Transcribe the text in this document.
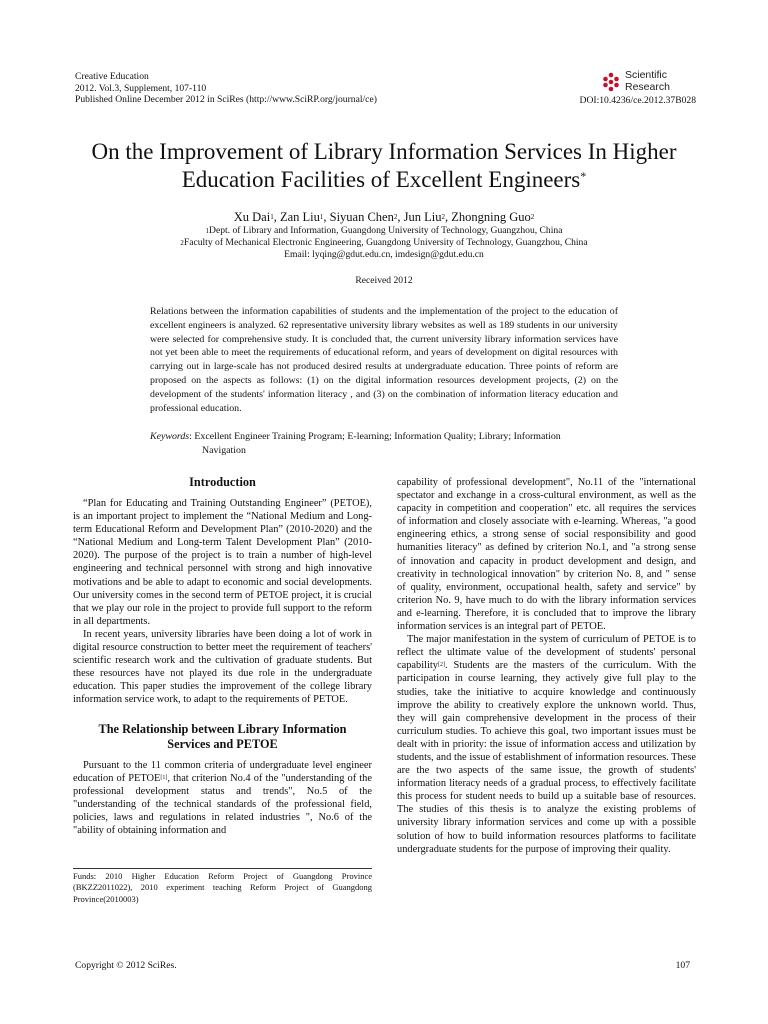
Creative Education
2012. Vol.3, Supplement, 107-110
Published Online December 2012 in SciRes (http://www.SciRP.org/journal/ce)
Scientific
Research
DOI:10.4236/ce.2012.37B028
On the Improvement of Library Information Services In Higher
Education Facilities of Excellent Engineers*
Xu Dai$^1$, Zan Liu$^1$, Siyuan Chen$^2$, Jun Liu$^2$, Zhongning Guo$^2$
$^1$Dept. of Library and Information, Guangdong University of Technology, Guangzhou, China
$^2$Faculty of Mechanical Electronic Engineering, Guangdong University of Technology, Guangzhou, China
Email: lyqing@gdut.edu.cn, imdesign@gdut.edu.cn
Received 2012
Relations between the information capabilities of students and the implementation of the project to the education of excellent engineers is analyzed. 62 representative university library websites as well as 189 students in our university were selected for comprehensive study. It is concluded that, the current university library information services have not yet been able to meet the requirements of educational reform, and years of development on digital resources with carrying out in large-scale has not produced desired results at undergraduate education. Three points of reform are proposed on the aspects as follows: (1) on the digital information resources development projects, (2) on the development of the students' information literacy , and (3) on the combination of information literacy education and professional education.
Keywords: Excellent Engineer Training Program; E-learning; Information Quality; Library; Information
Navigation
Introduction

“Plan for Educating and Training Outstanding Engineer” (PETOE), is an important project to implement the “National Medium and Long-term Educational Reform and Development Plan” (2010-2020) and the “National Medium and Long-term Talent Development Plan” (2010-2020). The purpose of the project is to train a number of high-level engineering and technical personnel with strong and high innovative motivations and be able to adapt to economic and social developments. Our university comes in the second term of PETOE project, it is crucial that we play our role in the project to provide full support to the reform in all departments.

In recent years, university libraries have been doing a lot of work in digital resource construction to better meet the requirement of teachers' scientific research work and the cultivation of graduate students. But these resources have not played its due role in the undergraduate education. This paper studies the improvement of the college library information service work, to adapt to the requirements of PETOE.

The Relationship between Library Information
Services and PETOE

Pursuant to the 11 common criteria of undergraduate level engineer education of PETOE[1], that criterion No.4 of the "understanding of the professional development status and trends", No.5 of the "understanding of the technical standards of the professional field, policies, laws and regulations in related industries ", No.6 of the "ability of obtaining information and

Funds: 2010 Higher Education Reform Project of Guangdong Province (BKZZ2011022), 2010 experiment teaching Reform Project of Guangdong Province(2010003)

capability of professional development", No.11 of the "international spectator and exchange in a cross-cultural environment, as well as the capacity in competition and cooperation" etc. all requires the services of information and closely associate with e-learning. Whereas, "a good engineering ethics, a strong sense of social responsibility and good humanities literacy" as defined by criterion No.1, and "a strong sense of innovation and capacity in product development and design, and creativity in technological innovation" by criterion No. 8, and " sense of quality, environment, occupational health, safety and service" by criterion No. 9, have much to do with the library information services and e-learning. Therefore, it is concluded that to improve the library information services is an integral part of PETOE.

The major manifestation in the system of curriculum of PETOE is to reflect the ultimate value of the development of students' personal capability[2]. Students are the masters of the curriculum. With the participation in course learning, they actively give full play to the studies, take the initiative to acquire knowledge and continuously improve the ability to creatively explore the unknown world. Thus, they will gain comprehensive development in the process of their curriculum studies. To achieve this goal, two important issues must be dealt with in priority: the issue of information access and utilization by students, and the issue of establishment of information resources. These are the two aspects of the same issue, the growth of students' information literacy needs of a gradual process, to effectively facilitate this process for student needs to build up a suitable base of resources. The studies of this thesis is to analyze the existing problems of university library information services and come up with a possible solution of how to build information resources platforms to facilitate undergraduate students for the purpose of improving their quality.

Copyright © 2012 SciRes.	107
